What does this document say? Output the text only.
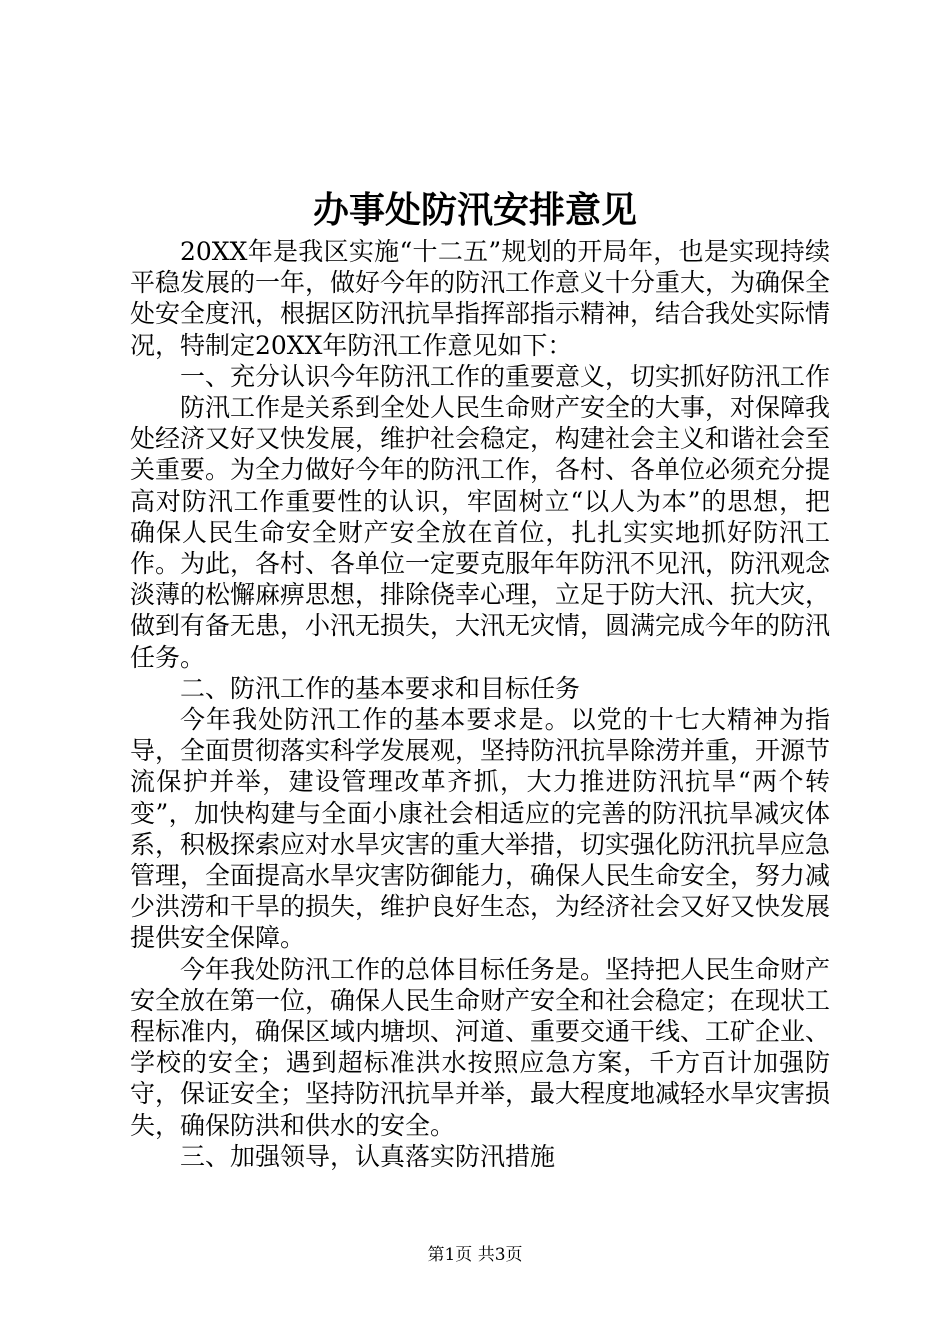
办事处防汛安排意见

20XX年是我区实施“十二五”规划的开局年，也是实现持续平稳发展的一年，做好今年的防汛工作意义十分重大，为确保全处安全度汛，根据区防汛抗旱指挥部指示精神，结合我处实际情况，特制定20XX年防汛工作意见如下：

一、充分认识今年防汛工作的重要意义，切实抓好防汛工作

防汛工作是关系到全处人民生命财产安全的大事，对保障我处经济又好又快发展，维护社会稳定，构建社会主义和谐社会至关重要。为全力做好今年的防汛工作，各村、各单位必须充分提高对防汛工作重要性的认识，牢固树立“以人为本”的思想，把确保人民生命安全财产安全放在首位，扎扎实实地抓好防汛工作。为此，各村、各单位一定要克服年年防汛不见汛，防汛观念淡薄的松懈麻痹思想，排除侥幸心理，立足于防大汛、抗大灾，做到有备无患，小汛无损失，大汛无灾情，圆满完成今年的防汛任务。

二、防汛工作的基本要求和目标任务

今年我处防汛工作的基本要求是。以党的十七大精神为指导，全面贯彻落实科学发展观，坚持防汛抗旱除涝并重，开源节流保护并举，建设管理改革齐抓，大力推进防汛抗旱“两个转变”，加快构建与全面小康社会相适应的完善的防汛抗旱减灾体系，积极探索应对水旱灾害的重大举措，切实强化防汛抗旱应急管理，全面提高水旱灾害防御能力，确保人民生命安全，努力减少洪涝和干旱的损失，维护良好生态，为经济社会又好又快发展提供安全保障。

今年我处防汛工作的总体目标任务是。坚持把人民生命财产安全放在第一位，确保人民生命财产安全和社会稳定；在现状工程标准内，确保区域内塘坝、河道、重要交通干线、工矿企业、学校的安全；遇到超标准洪水按照应急方案，千方百计加强防守，保证安全；坚持防汛抗旱并举，最大程度地减轻水旱灾害损失，确保防洪和供水的安全。

三、加强领导，认真落实防汛措施

第1页 共3页
